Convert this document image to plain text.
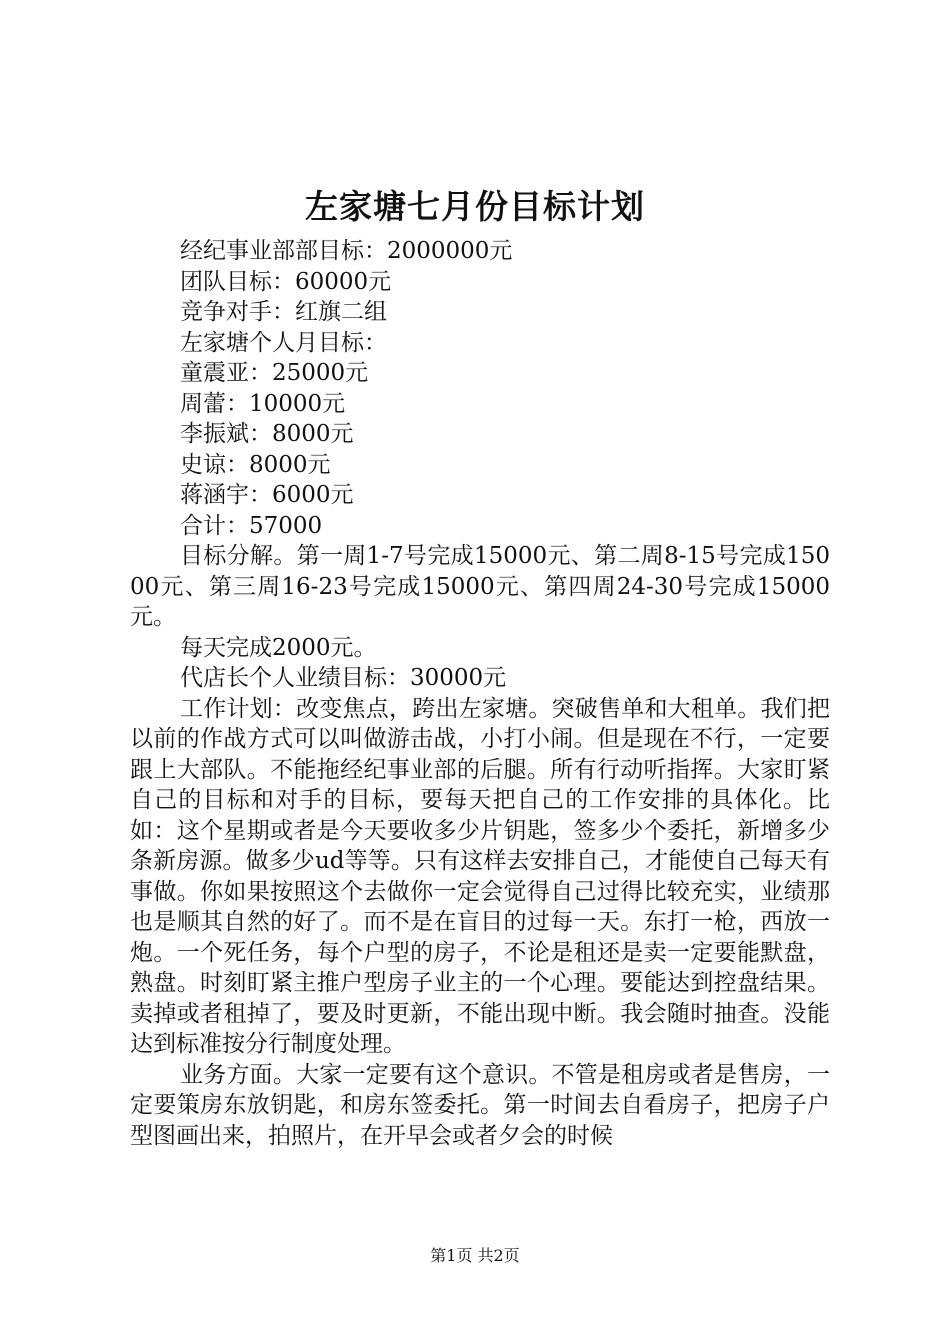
左家塘七月份目标计划

经纪事业部部目标：2000000元

团队目标：60000元

竞争对手：红旗二组

左家塘个人月目标：

童震亚：25000元

周蕾：10000元

李振斌：8000元

史谅：8000元

蒋涵宇：6000元

合计：57000

目标分解。第一周1-7号完成15000元、第二周8-15号完成15000元、第三周16-23号完成15000元、第四周24-30号完成15000元。

每天完成2000元。

代店长个人业绩目标：30000元

工作计划：改变焦点，跨出左家塘。突破售单和大租单。我们把以前的作战方式可以叫做游击战，小打小闹。但是现在不行，一定要跟上大部队。不能拖经纪事业部的后腿。所有行动听指挥。大家盯紧自己的目标和对手的目标，要每天把自己的工作安排的具体化。比如：这个星期或者是今天要收多少片钥匙，签多少个委托，新增多少条新房源。做多少ud等等。只有这样去安排自己，才能使自己每天有事做。你如果按照这个去做你一定会觉得自己过得比较充实，业绩那也是顺其自然的好了。而不是在盲目的过每一天。东打一枪，西放一炮。一个死任务，每个户型的房子，不论是租还是卖一定要能默盘，熟盘。时刻盯紧主推户型房子业主的一个心理。要能达到控盘结果。卖掉或者租掉了，要及时更新，不能出现中断。我会随时抽查。没能达到标准按分行制度处理。

业务方面。大家一定要有这个意识。不管是租房或者是售房，一定要策房东放钥匙，和房东签委托。第一时间去自看房子，把房子户型图画出来，拍照片，在开早会或者夕会的时候

第1页 共2页
